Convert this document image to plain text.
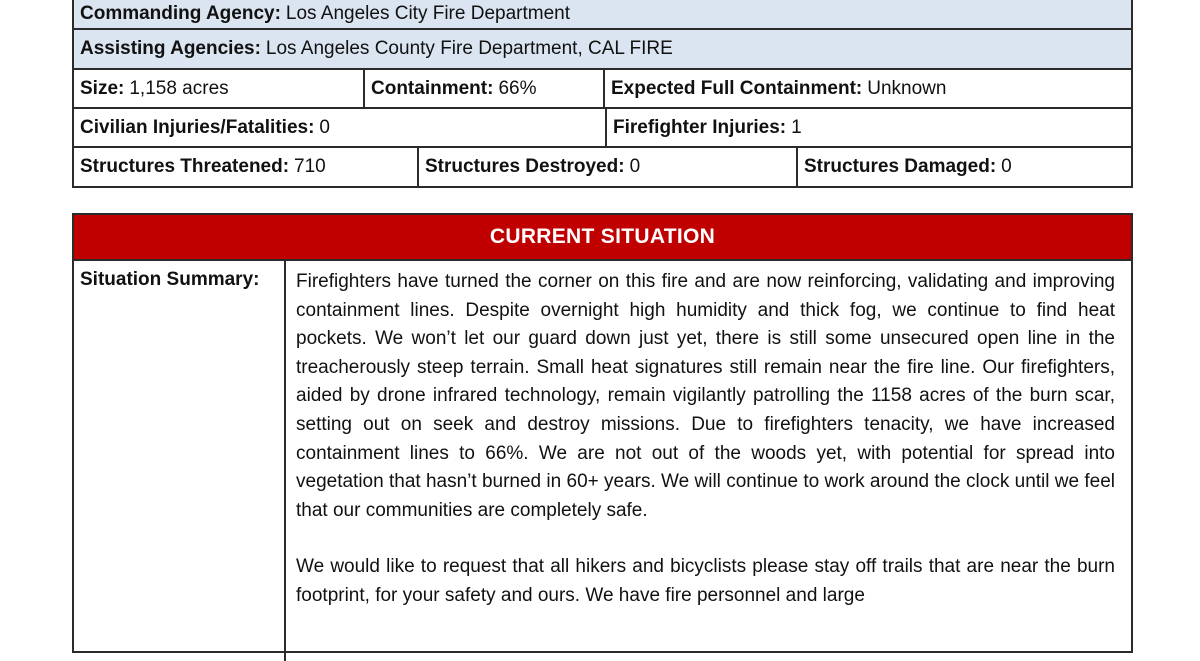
Commanding Agency: Los Angeles City Fire Department
Assisting Agencies: Los Angeles County Fire Department, CAL FIRE
Size: 1,158 acres	Containment: 66%	Expected Full Containment: Unknown
Civilian Injuries/Fatalities: 0	Firefighter Injuries: 1
Structures Threatened: 710	Structures Destroyed: 0	Structures Damaged: 0
CURRENT SITUATION
Situation Summary:	Firefighters have turned the corner on this fire and are now reinforcing, validating and improving containment lines. Despite overnight high humidity and thick fog, we continue to find heat pockets. We won’t let our guard down just yet, there is still some unsecured open line in the treacherously steep terrain. Small heat signatures still remain near the fire line. Our firefighters, aided by drone infrared technology, remain vigilantly patrolling the 1158 acres of the burn scar, setting out on seek and destroy missions. Due to firefighters tenacity, we have increased containment lines to 66%. We are not out of the woods yet, with potential for spread into vegetation that hasn’t burned in 60+ years. We will continue to work around the clock until we feel that our communities are completely safe.

We would like to request that all hikers and bicyclists please stay off trails that are near the burn footprint, for your safety and ours. We have fire personnel and large
